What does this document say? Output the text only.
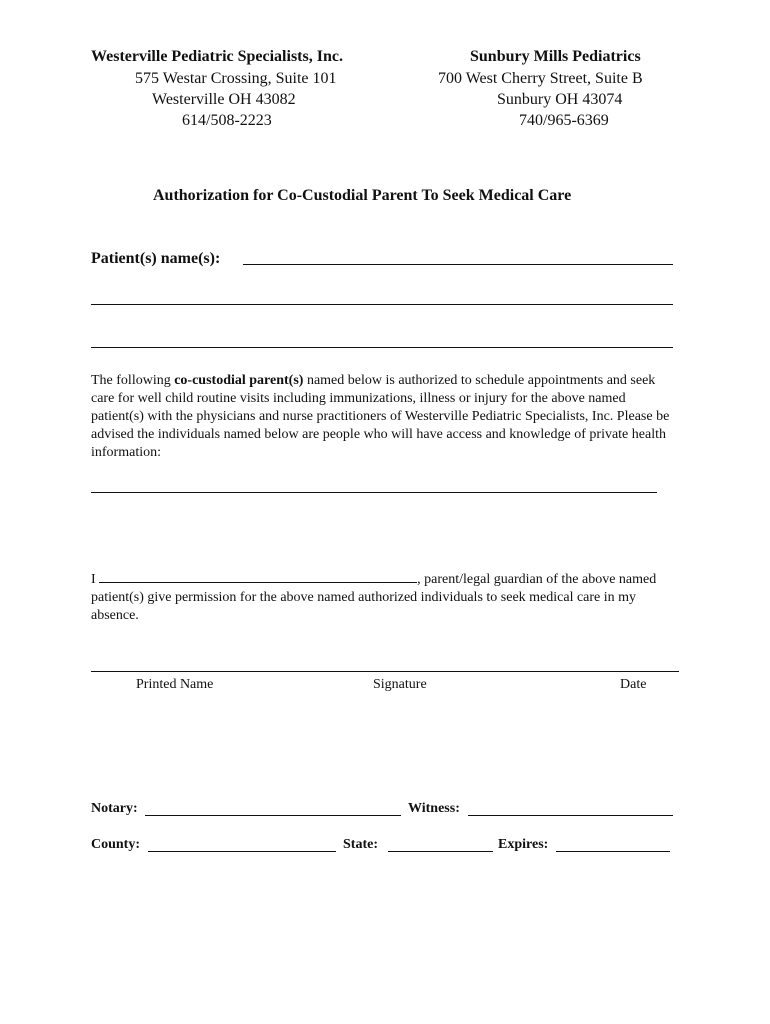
Westerville Pediatric Specialists, Inc.
575 Westar Crossing, Suite 101
Westerville OH 43082
614/508-2223
Sunbury Mills Pediatrics
700 West Cherry Street, Suite B
Sunbury OH 43074
740/965-6369
Authorization for Co-Custodial Parent To Seek Medical Care
Patient(s) name(s):
The following co-custodial parent(s) named below is authorized to schedule appointments and seek care for well child routine visits including immunizations, illness or injury for the above named patient(s) with the physicians and nurse practitioners of Westerville Pediatric Specialists, Inc. Please be advised the individuals named below are people who will have access and knowledge of private health information:
I	, parent/legal guardian of the above named patient(s) give permission for the above named authorized individuals to seek medical care in my absence.
Printed Name	Signature	Date
Notary:	Witness:
County:	State:	Expires:
